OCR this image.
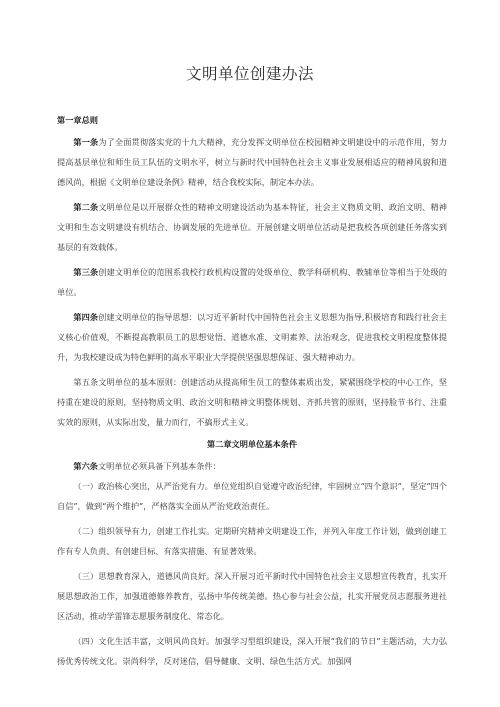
文明单位创建办法

第一章总则

第一条为了全面贯彻落实党的十九大精神，充分发挥文明单位在校园精神文明建设中的示范作用，努力提高基层单位和师生员工队伍的文明水平，树立与新时代中国特色社会主义事业发展相适应的精神风貌和道德风尚，根据《文明单位建设条例》精神，结合我校实际，制定本办法。

第二条文明单位是以开展群众性的精神文明建设活动为基本特征，社会主义物质文明、政治文明、精神文明和生态文明建设有机结合、协调发展的先进单位。开展创建文明单位活动是把我校各项创建任务落实到基层的有效载体。

第三条创建文明单位的范围系我校行政机构设置的处级单位、教学科研机构、教辅单位等相当于处级的单位。

第四条创建文明单位的指导思想：以习近平新时代中国特色社会主义思想为指导,积极培育和践行社会主义核心价值观，不断提高教职员工的思想觉悟、道德水准、文明素养、法治观念，促进我校文明程度整体提升，为我校建设成为特色鲜明的高水平职业大学提供坚强思想保证、强大精神动力。

第五条文明单位的基本原则：创建活动从提高师生员工的整体素质出发，紧紧围绕学校的中心工作，坚持重在建设的原则，坚持物质文明、政治文明和精神文明整体规划、齐抓共管的原则，坚持脸节书行、注重实效的原则，从实际出发，量力而行，不搞形式主义。

第二章文明单位基本条件

第六条文明单位必须具备下列基本条件：

（一）政治核心突出，从严治党有力。单位党组织自觉遵守政治纪律，牢固树立“四个意识”，坚定“四个自信”，做到“两个维护”，严格落实全面从严治党政治责任。

（二）组织领导有力，创建工作扎实。定期研究精神文明建设工作，并列入年度工作计划，做到创建工作有专人负责、有创建目标、有落实措施、有显著效果。

（三）思想教育深入，道德风尚良好。深入开展习近平新时代中国特色社会主义思想宣传教育，扎实开展思想政治工作，加强道德修养教育，弘扬中华传统美德。热心参与社会公益，扎实开展党员志愿服务进社区活动，推动学雷锋志愿服务制度化、常态化。

（四）文化生活丰富，文明风尚良好。加强学习型组织建设，深入开展“我们的节日”主题活动，大力弘扬优秀传统文化。崇尚科学，反对迷信，倡导健康、文明、绿色生活方式。加强网
